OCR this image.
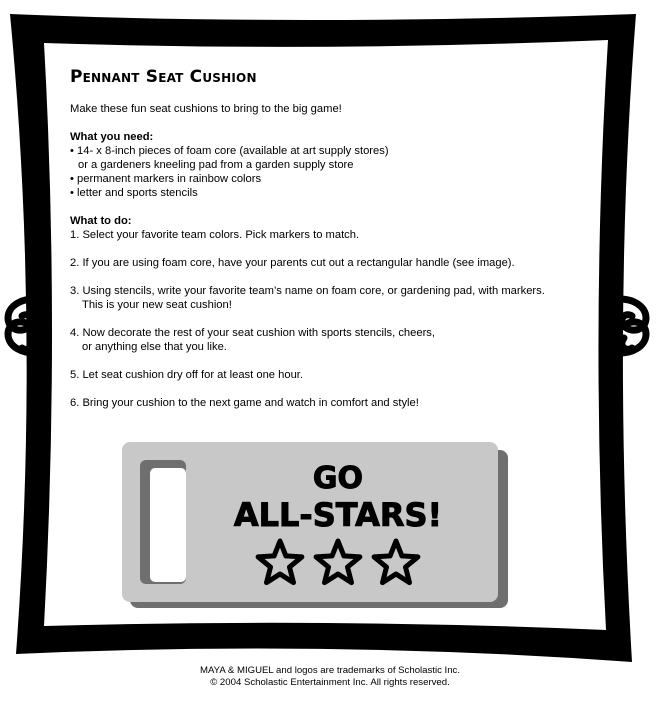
Pennant Seat Cushion

Make these fun seat cushions to bring to the big game!

What you need:

• 14- x 8-inch pieces of foam core (available at art supply stores)
or a gardeners kneeling pad from a garden supply store
• permanent markers in rainbow colors
• letter and sports stencils

What to do:

1. Select your favorite team colors. Pick markers to match.
2. If you are using foam core, have your parents cut out a rectangular handle (see image).
3. Using stencils, write your favorite team’s name on foam core, or gardening pad, with markers.
This is your new seat cushion!
4. Now decorate the rest of your seat cushion with sports stencils, cheers,
or anything else that you like.
5. Let seat cushion dry off for at least one hour.
6. Bring your cushion to the next game and watch in comfort and style!
GO
ALL-STARS!
MAYA & MIGUEL and logos are trademarks of Scholastic Inc.
© 2004 Scholastic Entertainment Inc. All rights reserved.
